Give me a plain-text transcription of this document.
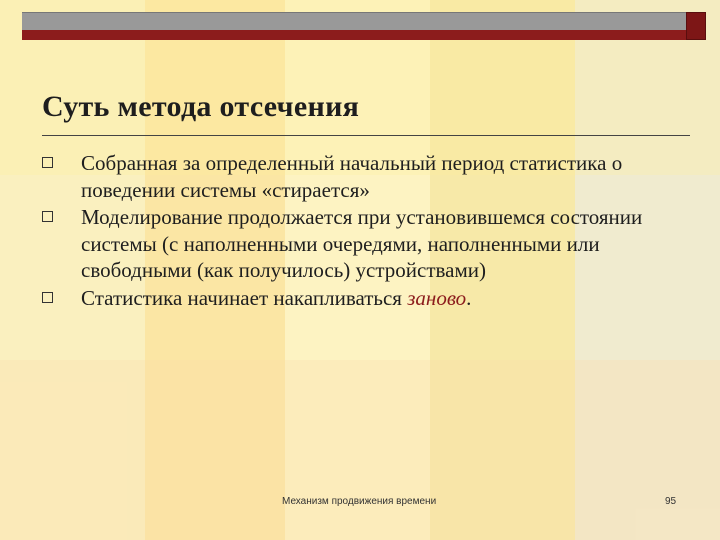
Суть метода отсечения
Собранная за определенный начальный период статистика о поведении системы «стирается»
Моделирование продолжается при установившемся состоянии системы (с наполненными очередями, наполненными или свободными (как получилось) устройствами)
Статистика начинает накапливаться заново.
Механизм продвижения времени	95
